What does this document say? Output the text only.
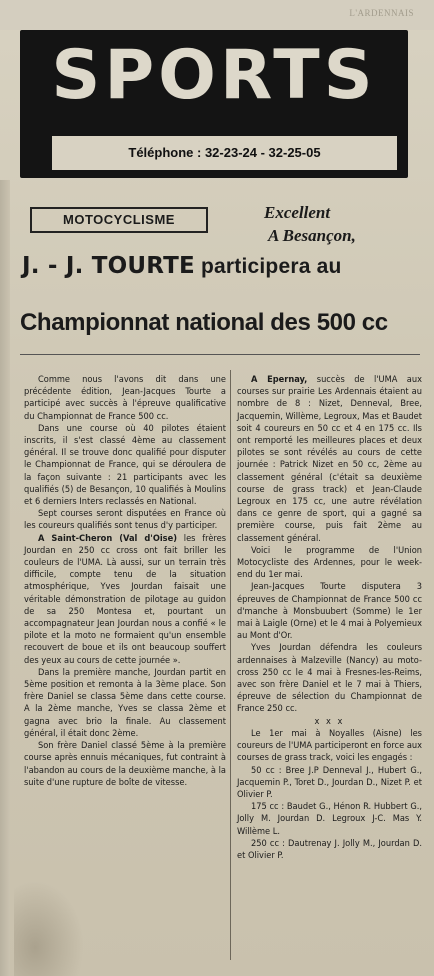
L'ARDENNAIS
SPORTS
Téléphone : 32-23-24 - 32-25-05
MOTOCYCLISME	Excellent
A Besançon,
J. - J. TOURTE participera au
Championnat national des 500 cc

Comme nous l'avons dit dans une précédente édition, Jean-Jacques Tourte a participé avec succès à l'épreuve qualificative du Championnat de France 500 cc.

Dans une course où 40 pilotes étaient inscrits, il s'est classé 4ème au classement général. Il se trouve donc qualifié pour disputer le Championnat de France, qui se déroulera de la façon suivante : 21 participants avec les qualifiés (5) de Besançon, 10 qualifiés à Moulins et 6 derniers Inters reclassés en National.

Sept courses seront disputées en France où les coureurs qualifiés sont tenus d'y participer.

A Saint-Cheron (Val d'Oise) les frères Jourdan en 250 cc cross ont fait briller les couleurs de l'UMA. Là aussi, sur un terrain très difficile, compte tenu de la situation atmosphérique, Yves Jourdan faisait une véritable démonstration de pilotage au guidon de sa 250 Montesa et, pourtant un accompagnateur Jean Jourdan nous a confié « le pilote et la moto ne formaient qu'un ensemble recouvert de boue et ils ont beaucoup souffert des yeux au cours de cette journée ».

Dans la première manche, Jourdan partit en 5ème position et remonta à la 3ème place. Son frère Daniel se classa 5ème dans cette course. A la 2ème manche, Yves se classa 2ème et gagna avec brio la finale. Au classement général, il était donc 2ème.

Son frère Daniel classé 5ème à la première course après ennuis mécaniques, fut contraint à l'abandon au cours de la deuxième manche, à la suite d'une rupture de boîte de vitesse.

A Epernay, succès de l'UMA aux courses sur prairie Les Ardennais étaient au nombre de 8 : Nizet, Denneval, Bree, Jacquemin, Willème, Legroux, Mas et Baudet soit 4 coureurs en 50 cc et 4 en 175 cc. Ils ont remporté les meilleures places et deux pilotes se sont révélés au cours de cette journée : Patrick Nizet en 50 cc, 2ème au classement général (c'était sa deuxième course de grass track) et Jean-Claude Legroux en 175 cc, une autre révélation dans ce genre de sport, qui a gagné sa première course, puis fait 2ème au classement général.

Voici le programme de l'Union Motocycliste des Ardennes, pour le week-end du 1er mai.

Jean-Jacques Tourte disputera 3 épreuves de Championnat de France 500 cc d'manche à Monsbuubert (Somme) le 1er mai à Laigle (Orne) et le 4 mai à Polyemieux au Mont d'Or.

Yves Jourdan défendra les couleurs ardennaises à Malzeville (Nancy) au moto-cross 250 cc le 4 mai à Fresnes-les-Reims, avec son frère Daniel et le 7 mai à Thiers, épreuve de sélection du Championnat de France 250 cc.

x x x

Le 1er mai à Noyalles (Aisne) les coureurs de l'UMA participeront en force aux courses de grass track, voici les engagés :

50 cc : Bree J.P Denneval J., Hubert G., Jacquemin P., Toret D., Jourdan D., Nizet P. et Olivier P.

175 cc : Baudet G., Hénon R. Hubbert G., Jolly M. Jourdan D. Legroux J-C. Mas Y. Willème L.

250 cc : Dautrenay J. Jolly M., Jourdan D. et Olivier P.
